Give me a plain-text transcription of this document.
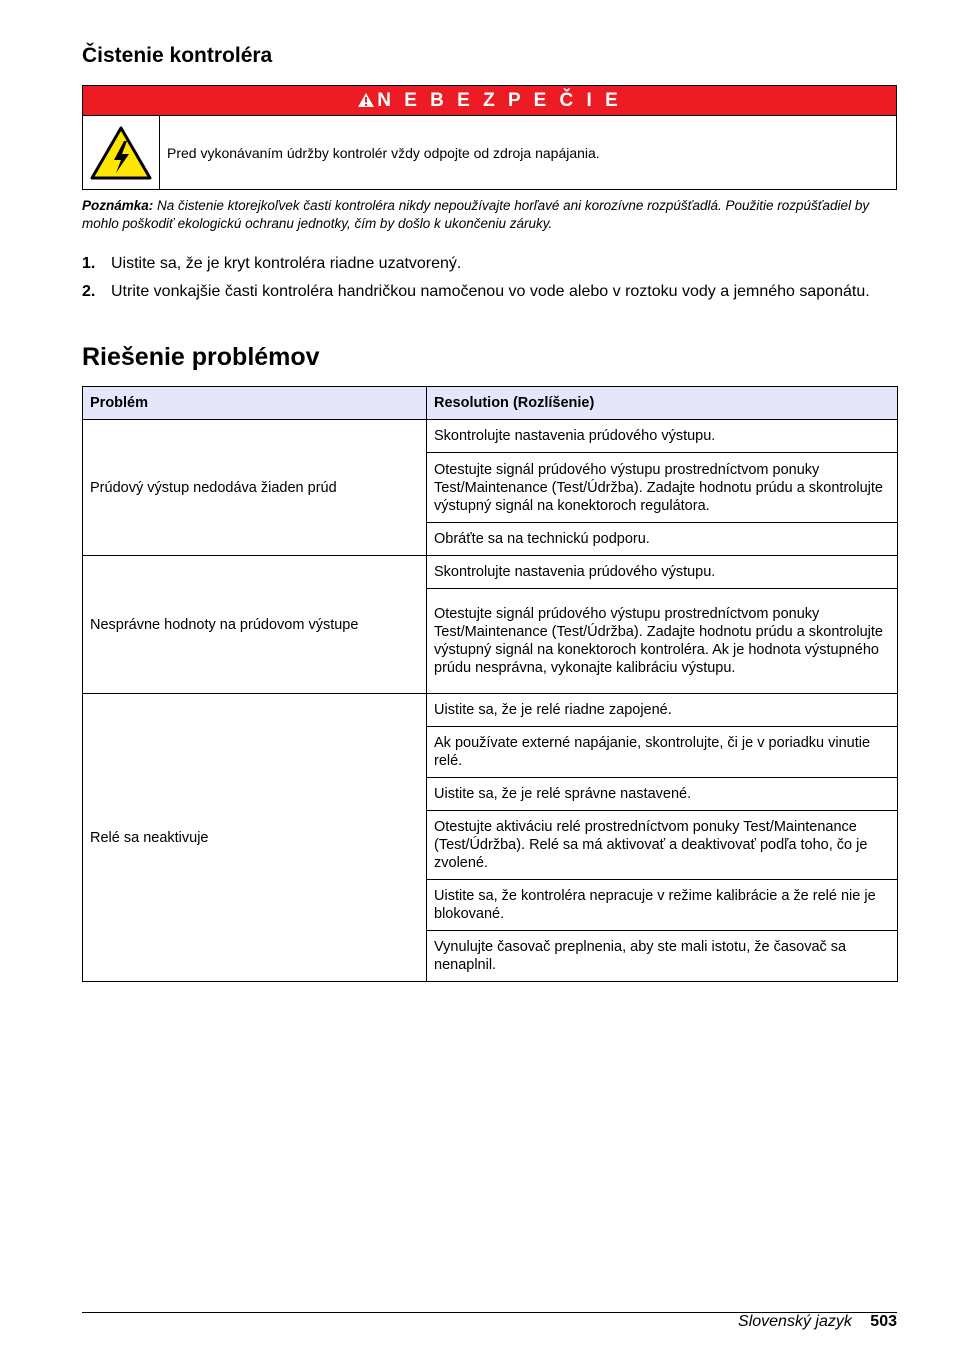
Čistenie kontroléra
N E B E Z P E Č I E
Pred vykonávaním údržby kontrolér vždy odpojte od zdroja napájania.
Poznámka: Na čistenie ktorejkoľvek časti kontroléra nikdy nepoužívajte horľavé ani korozívne rozpúšťadlá. Použitie rozpúšťadiel by mohlo poškodiť ekologickú ochranu jednotky, čím by došlo k ukončeniu záruky.
1. Uistite sa, že je kryt kontroléra riadne uzatvorený.
2. Utrite vonkajšie časti kontroléra handričkou namočenou vo vode alebo v roztoku vody a jemného saponátu.
Riešenie problémov
Problém	Resolution (Rozlíšenie)
Prúdový výstup nedodáva žiaden prúd	Skontrolujte nastavenia prúdového výstupu.
	Otestujte signál prúdového výstupu prostredníctvom ponuky Test/Maintenance (Test/Údržba). Zadajte hodnotu prúdu a skontrolujte výstupný signál na konektoroch regulátora.
	Obráťte sa na technickú podporu.
Nesprávne hodnoty na prúdovom výstupe	Skontrolujte nastavenia prúdového výstupu.
	Otestujte signál prúdového výstupu prostredníctvom ponuky Test/Maintenance (Test/Údržba). Zadajte hodnotu prúdu a skontrolujte výstupný signál na konektoroch kontroléra. Ak je hodnota výstupného prúdu nesprávna, vykonajte kalibráciu výstupu.
Relé sa neaktivuje	Uistite sa, že je relé riadne zapojené.
	Ak používate externé napájanie, skontrolujte, či je v poriadku vinutie relé.
	Uistite sa, že je relé správne nastavené.
	Otestujte aktiváciu relé prostredníctvom ponuky Test/Maintenance (Test/Údržba). Relé sa má aktivovať a deaktivovať podľa toho, čo je zvolené.
	Uistite sa, že kontroléra nepracuje v režime kalibrácie a že relé nie je blokované.
	Vynulujte časovač preplnenia, aby ste mali istotu, že časovač sa nenaplnil.
Slovenský jazyk 503
